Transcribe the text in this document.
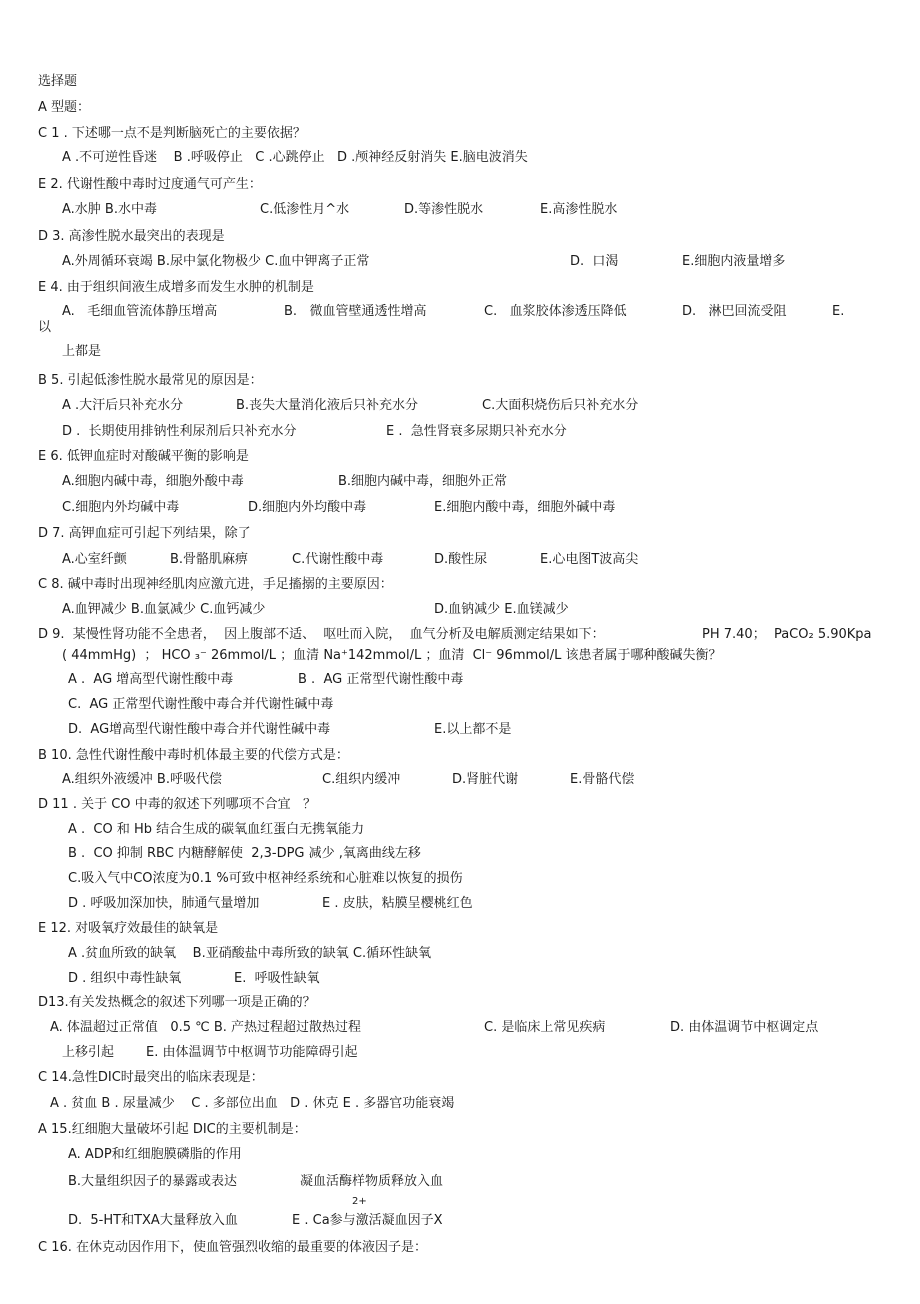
选择题
A 型题：
C 1 . 下述哪一点不是判断脑死亡的主要依据？
A .不可逆性昏迷    B .呼吸停止   C .心跳停止   D .颅神经反射消失 E.脑电波消失
E 2. 代谢性酸中毒时过度通气可产生：
A.水肿 B.水中毒	C.低渗性月^水	D.等渗性脱水	E.高渗性脱水
D 3. 高渗性脱水最突出的表现是
A.外周循环衰竭 B.尿中氯化物极少 C.血中钾离子正常	D.  口渴	E.细胞内液量增多
E 4. 由于组织间液生成增多而发生水肿的机制是
A.   毛细血管流体静压增高	B.   微血管壁通透性增高	C.   血浆胶体渗透压降低	D.   淋巴回流受阻	E.
以
上都是
B 5. 引起低渗性脱水最常见的原因是：
A .大汗后只补充水分	B.丧失大量消化液后只补充水分	C.大面积烧伤后只补充水分
D .  长期使用排钠性利尿剂后只补充水分	E .  急性肾衰多尿期只补充水分
E 6. 低钾血症时对酸碱平衡的影响是
A.细胞内碱中毒，细胞外酸中毒	B.细胞内碱中毒，细胞外正常
C.细胞内外均碱中毒	D.细胞内外均酸中毒	E.细胞内酸中毒，细胞外碱中毒
D 7. 高钾血症可引起下列结果，除了
A.心室纤颤	B.骨骼肌麻痹	C.代谢性酸中毒	D.酸性尿	E.心电图T波高尖
C 8. 碱中毒时出现神经肌肉应激亢进，手足搐搦的主要原因：
A.血钾减少 B.血氯减少 C.血钙减少	D.血钠减少 E.血镁减少
D 9.  某慢性肾功能不全患者，  因上腹部不适、  呕吐而入院，  血气分析及电解质测定结果如下：	PH 7.40；  PaCO₂ 5.90Kpa
( 44mmHg)  ； HCO ₃⁻ 26mmol/L ；血清 Na⁺142mmol/L ；血清  Cl⁻ 96mmol/L 该患者属于哪种酸碱失衡？
A .  AG 增高型代谢性酸中毒	B .  AG 正常型代谢性酸中毒
C.  AG 正常型代谢性酸中毒合并代谢性碱中毒
D.  AG增高型代谢性酸中毒合并代谢性碱中毒	E.以上都不是
B 10. 急性代谢性酸中毒时机体最主要的代偿方式是：
A.组织外液缓冲 B.呼吸代偿	C.组织内缓冲	D.肾脏代谢	E.骨骼代偿
D 11 . 关于 CO 中毒的叙述下列哪项不合宜   ？
A .  CO 和 Hb 结合生成的碳氧血红蛋白无携氧能力
B .  CO 抑制 RBC 内糖酵解使  2,3-DPG 减少 ,氧离曲线左移
C.吸入气中CO浓度为0.1 %可致中枢神经系统和心脏难以恢复的损伤
D . 呼吸加深加快，肺通气量增加	E . 皮肤，粘膜呈樱桃红色
E 12. 对吸氧疗效最佳的缺氧是
A .贫血所致的缺氧    B.亚硝酸盐中毒所致的缺氧 C.循环性缺氧
D . 组织中毒性缺氧	E.  呼吸性缺氧
D13.有关发热概念的叙述下列哪一项是正确的？
A. 体温超过正常值   0.5 ℃ B. 产热过程超过散热过程	C. 是临床上常见疾病	D. 由体温调节中枢调定点
上移引起 E. 由体温调节中枢调节功能障碍引起
C 14.急性DIC时最突出的临床表现是：
A . 贫血 B . 尿量减少    C . 多部位出血   D . 休克 E . 多器官功能衰竭
A 15.红细胞大量破坏引起 DIC的主要机制是：
A. ADP和红细胞膜磷脂的作用
B.大量组织因子的暴露或表达	凝血活酶样物质释放入血
2+
D.  5-HT和TXA大量释放入血	E . Ca参与激活凝血因子X
C 16. 在休克动因作用下，使血管强烈收缩的最重要的体液因子是：
